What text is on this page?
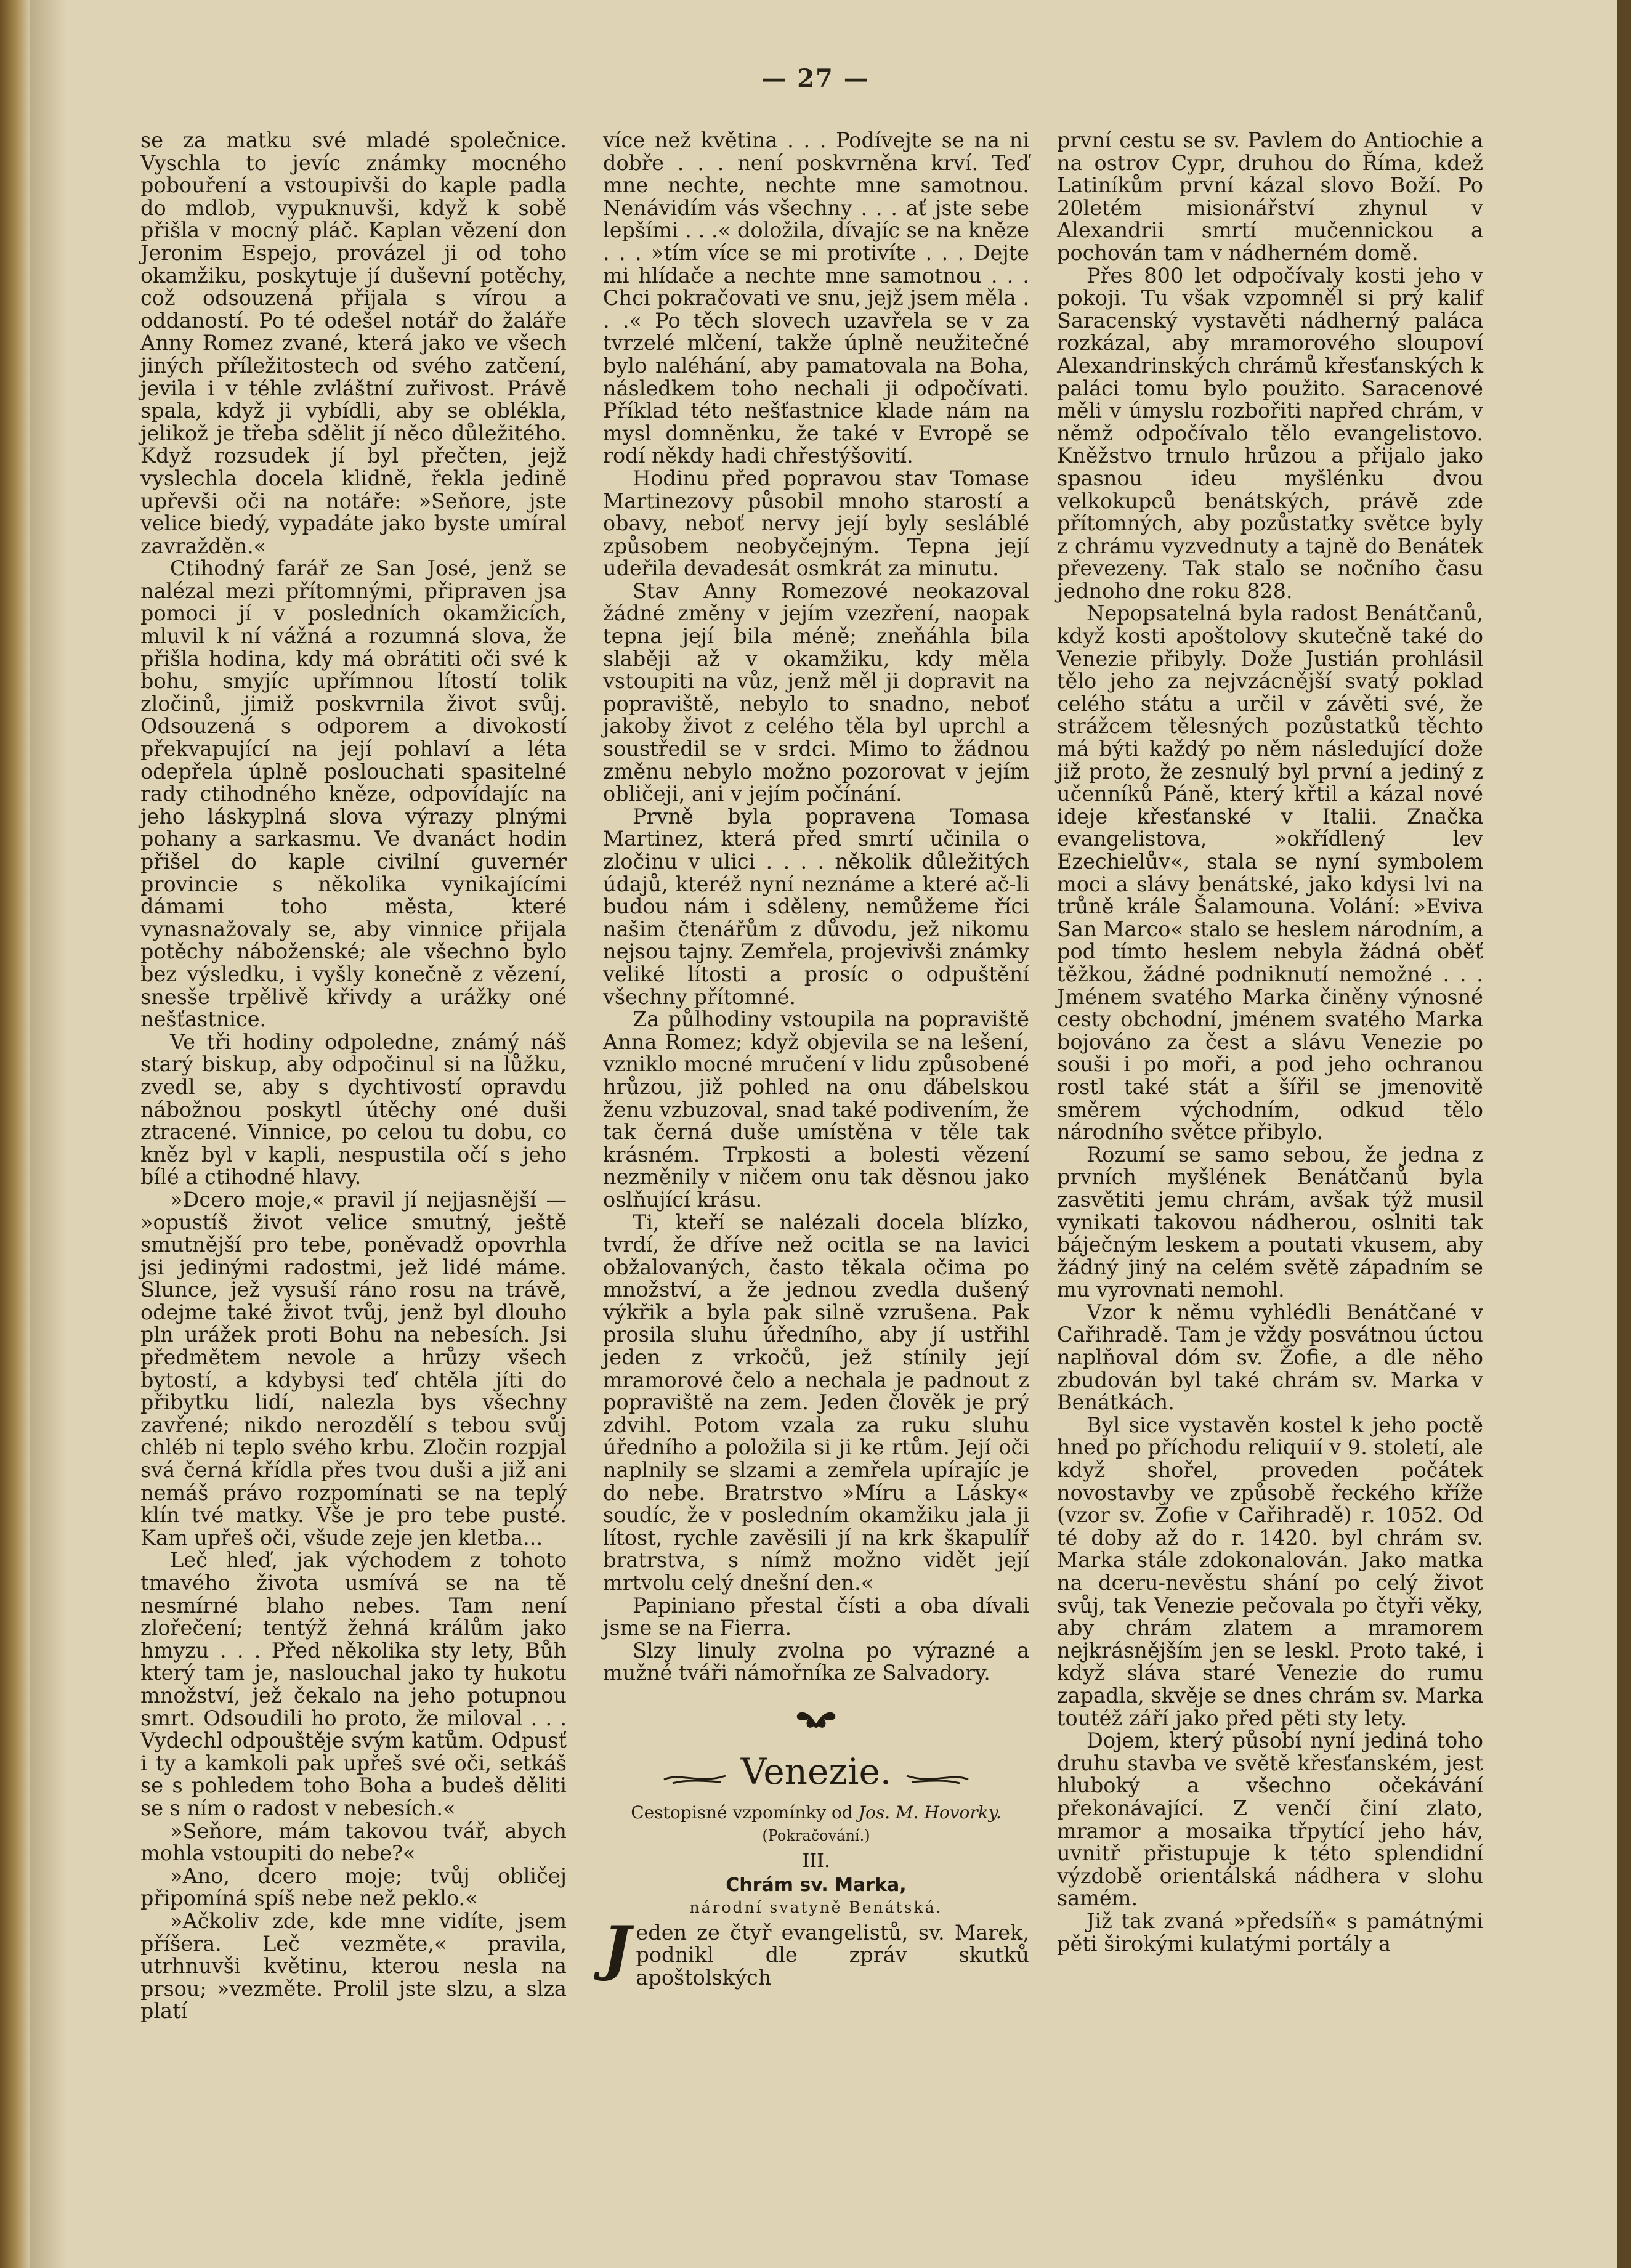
— 27 —

se za matku své mladé společnice. Vyschla to jevíc známky mocného pobouření a vstoupivši do kaple padla do mdlob, vypuknuvši, když k sobě přišla v mocný pláč. Kaplan vězení don Jeronim Espejo, provázel ji od toho okamžiku, poskytuje jí duševní potěchy, což odsouzená přijala s vírou a oddaností. Po té odešel notář do žaláře Anny Romez zvané, která jako ve všech jiných příležitostech od svého zatčení, jevila i v téhle zvláštní zuřivost. Právě spala, když ji vybídli, aby se oblékla, jelikož je třeba sdělit jí něco důležitého. Když rozsudek jí byl přečten, jejž vyslechla docela klidně, řekla jedině upřevši oči na notáře: »Seňore, jste velice biedý, vypadáte jako byste umíral zavražděn.«

Ctihodný farář ze San José, jenž se nalézal mezi přítomnými, připraven jsa pomoci jí v posledních okamžicích, mluvil k ní vážná a rozumná slova, že přišla hodina, kdy má obrátiti oči své k bohu, smyjíc upřímnou lítostí tolik zločinů, jimiž poskvrnila život svůj. Odsouzená s odporem a divokostí překvapující na její pohlaví a léta odepřela úplně poslouchati spasitelné rady ctihodného kněze, odpovídajíc na jeho láskyplná slova výrazy plnými pohany a sarkasmu. Ve dvanáct hodin přišel do kaple civilní guvernér provincie s několika vynikajícími dámami toho města, které vynasnažovaly se, aby vinnice přijala potěchy náboženské; ale všechno bylo bez výsledku, i vyšly konečně z vězení, snesše trpělivě křivdy a urážky oné nešťastnice.

Ve tři hodiny odpoledne, známý náš starý biskup, aby odpočinul si na lůžku, zvedl se, aby s dychtivostí opravdu nábožnou poskytl útěchy oné duši ztracené. Vinnice, po celou tu dobu, co kněz byl v kapli, nespustila očí s jeho bílé a ctihodné hlavy.

»Dcero moje,« pravil jí nejjasnější — »opustíš život velice smutný, ještě smutnější pro tebe, poněvadž opovrhla jsi jedinými radostmi, jež lidé máme. Slunce, jež vysuší ráno rosu na trávě, odejme také život tvůj, jenž byl dlouho pln urážek proti Bohu na nebesích. Jsi předmětem nevole a hrůzy všech bytostí, a kdybysi teď chtěla jíti do přibytku lidí, nalezla bys všechny zavřené; nikdo nerozdělí s tebou svůj chléb ni teplo svého krbu. Zločin rozpjal svá černá křídla přes tvou duši a již ani nemáš právo rozpomínati se na teplý klín tvé matky. Vše je pro tebe pusté. Kam upřeš oči, všude zeje jen kletba...

Leč hleď, jak východem z tohoto tmavého života usmívá se na tě nesmírné blaho nebes. Tam není zlořečení; tentýž žehná králům jako hmyzu . . . Před několika sty lety, Bůh který tam je, naslouchal jako ty hukotu množství, jež čekalo na jeho potupnou smrt. Odsoudili ho proto, že miloval . . . Vydechl odpouštěje svým katům. Odpusť i ty a kamkoli pak upřeš své oči, setkáš se s pohledem toho Boha a budeš děliti se s ním o radost v nebesích.«

»Seňore, mám takovou tvář, abych mohla vstoupiti do nebe?«

»Ano, dcero moje; tvůj obličej připomíná spíš nebe než peklo.«

»Ačkoliv zde, kde mne vidíte, jsem příšera. Leč vezměte,« pravila, utrhnuvši květinu, kterou nesla na prsou; »vezměte. Prolil jste slzu, a slza platí

více než květina . . . Podívejte se na ni dobře . . . není poskvrněna krví. Teď mne nechte, nechte mne samotnou. Nenávidím vás všechny . . . ať jste sebe lepšími . . .« doložila, dívajíc se na kněze . . . »tím více se mi protivíte . . . Dejte mi hlídače a nechte mne samotnou . . . Chci pokračovati ve snu, jejž jsem měla . . .« Po těch slovech uzavřela se v za tvrzelé mlčení, takže úplně neužitečné bylo naléhání, aby pamatovala na Boha, následkem toho nechali ji odpočívati. Příklad této nešťastnice klade nám na mysl domněnku, že také v Evropě se rodí někdy hadi chřestýšovití.

Hodinu před popravou stav Tomase Martinezovy působil mnoho starostí a obavy, neboť nervy její byly sesláblé způsobem neobyčejným. Tepna její udeřila devadesát osmkrát za minutu.

Stav Anny Romezové neokazoval žádné změny v jejím vzezření, naopak tepna její bila méně; zneňáhla bila slaběji až v okamžiku, kdy měla vstoupiti na vůz, jenž měl ji dopravit na popraviště, nebylo to snadno, neboť jakoby život z celého těla byl uprchl a soustředil se v srdci. Mimo to žádnou změnu nebylo možno pozorovat v jejím obličeji, ani v jejím počínání.

Prvně byla popravena Tomasa Martinez, která před smrtí učinila o zločinu v ulici . . . . několik důležitých údajů, kteréž nyní neznáme a které ač-li budou nám i sděleny, nemůžeme říci našim čtenářům z důvodu, jež nikomu nejsou tajny. Zemřela, projevivši známky veliké lítosti a prosíc o odpuštění všechny přítomné.

Za půlhodiny vstoupila na popraviště Anna Romez; když objevila se na lešení, vzniklo mocné mručení v lidu způsobené hrůzou, již pohled na onu ďábelskou ženu vzbuzoval, snad také podivením, že tak černá duše umístěna v těle tak krásném. Trpkosti a bolesti vězení nezměnily v ničem onu tak děsnou jako oslňující krásu.

Ti, kteří se nalézali docela blízko, tvrdí, že dříve než ocitla se na lavici obžalovaných, často těkala očima po množství, a že jednou zvedla dušený výkřik a byla pak silně vzrušena. Pak prosila sluhu úředního, aby jí ustřihl jeden z vrkočů, jež stínily její mramorové čelo a nechala je padnout z popraviště na zem. Jeden člověk je prý zdvihl. Potom vzala za ruku sluhu úředního a položila si ji ke rtům. Její oči naplnily se slzami a zemřela upírajíc je do nebe. Bratrstvo »Míru a Lásky« soudíc, že v posledním okamžiku jala ji lítost, rychle zavěsili jí na krk škapulíř bratrstva, s nímž možno vidět její mrtvolu celý dnešní den.«

Papiniano přestal čísti a oba dívali jsme se na Fierra.

Slzy linuly zvolna po výrazné a mužné tváři námořníka ze Salvadory.

Venezie.
Cestopisné vzpomínky od Jos. M. Hovorky.
(Pokračování.)
III.
Chrám sv. Marka,
národní svatyně Benátská.

Jeden ze čtyř evangelistů, sv. Marek, podnikl dle zpráv skutků apoštolských

první cestu se sv. Pavlem do Antiochie a na ostrov Cypr, druhou do Říma, kdež Latiníkům první kázal slovo Boží. Po 20letém misionářství zhynul v Alexandrii smrtí mučennickou a pochován tam v nádherném domě.

Přes 800 let odpočívaly kosti jeho v pokoji. Tu však vzpomněl si prý kalif Saracenský vystavěti nádherný paláca rozkázal, aby mramorového sloupoví Alexandrinských chrámů křesťanských k paláci tomu bylo použito. Saracenové měli v úmyslu rozbořiti napřed chrám, v němž odpočívalo tělo evangelistovo. Kněžstvo trnulo hrůzou a přijalo jako spasnou ideu myšlénku dvou velkokupců benátských, právě zde přítomných, aby pozůstatky světce byly z chrámu vyzvednuty a tajně do Benátek převezeny. Tak stalo se nočního času jednoho dne roku 828.

Nepopsatelná byla radost Benátčanů, když kosti apoštolovy skutečně také do Venezie přibyly. Dože Justián prohlásil tělo jeho za nejvzácnější svatý poklad celého státu a určil v závěti své, že strážcem tělesných pozůstatků těchto má býti každý po něm následující dože již proto, že zesnulý byl první a jediný z učenníků Páně, který křtil a kázal nové ideje křesťanské v Italii. Značka evangelistova, »okřídlený lev Ezechielův«, stala se nyní symbolem moci a slávy benátské, jako kdysi lvi na trůně krále Šalamouna. Volání: »Eviva San Marco« stalo se heslem národním, a pod tímto heslem nebyla žádná oběť těžkou, žádné podniknutí nemožné . . . Jménem svatého Marka činěny výnosné cesty obchodní, jménem svatého Marka bojováno za čest a slávu Venezie po souši i po moři, a pod jeho ochranou rostl také stát a šířil se jmenovitě směrem východním, odkud tělo národního světce přibylo.

Rozumí se samo sebou, že jedna z prvních myšlének Benátčanů byla zasvětiti jemu chrám, avšak týž musil vynikati takovou nádherou, oslniti tak báječným leskem a poutati vkusem, aby žádný jiný na celém světě západním se mu vyrovnati nemohl.

Vzor k němu vyhlédli Benátčané v Cařihradě. Tam je vždy posvátnou úctou naplňoval dóm sv. Žofie, a dle něho zbudován byl také chrám sv. Marka v Benátkách.

Byl sice vystavěn kostel k jeho poctě hned po příchodu reliquií v 9. století, ale když shořel, proveden počátek novostavby ve způsobě řeckého kříže (vzor sv. Žofie v Cařihradě) r. 1052. Od té doby až do r. 1420. byl chrám sv. Marka stále zdokonalován. Jako matka na dceru-nevěstu shání po celý život svůj, tak Venezie pečovala po čtyři věky, aby chrám zlatem a mramorem nejkrásnějším jen se leskl. Proto také, i když sláva staré Venezie do rumu zapadla, skvěje se dnes chrám sv. Marka toutéž září jako před pěti sty lety.

Dojem, který působí nyní jediná toho druhu stavba ve světě křesťanském, jest hluboký a všechno očekávání překonávající. Z venčí činí zlato, mramor a mosaika třpytící jeho háv, uvnitř přistupuje k této splendidní výzdobě orientálská nádhera v slohu samém.

Již tak zvaná »předsíň« s památnými pěti širokými kulatými portály a
